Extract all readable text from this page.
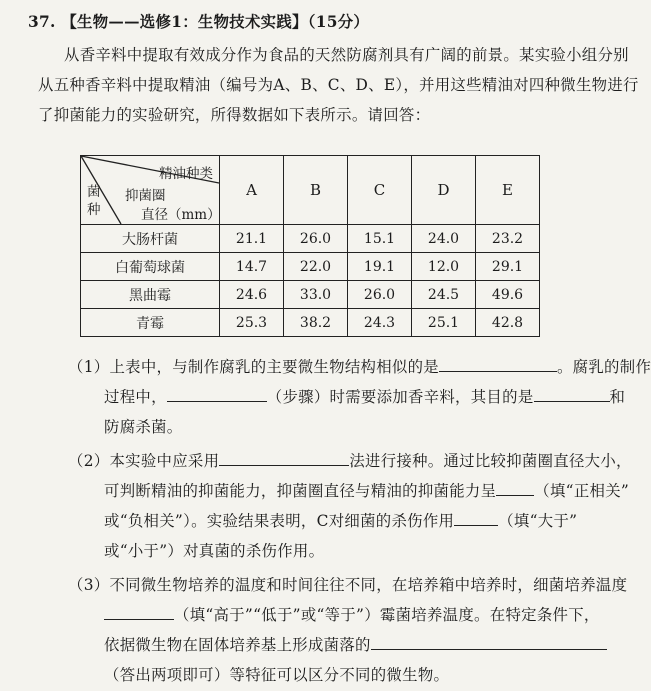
37. 【生物——选修1：生物技术实践】（15分）
从香辛料中提取有效成分作为食品的天然防腐剂具有广阔的前景。某实验小组分别
从五种香辛料中提取精油（编号为A、B、C、D、E），并用这些精油对四种微生物进行
了抑菌能力的实验研究，所得数据如下表所示。请回答：
精油种类
抑菌圈
直径（mm）
菌
种	A	B	C	D	E
大肠杆菌	21.1	26.0	15.1	24.0	23.2
白葡萄球菌	14.7	22.0	19.1	12.0	29.1
黑曲霉	24.6	33.0	26.0	24.5	49.6
青霉	25.3	38.2	24.3	25.1	42.8
（1）上表中，与制作腐乳的主要微生物结构相似的是	。腐乳的制作
过程中，	（步骤）时需要添加香辛料，其目的是	和
防腐杀菌。
（2）本实验中应采用	法进行接种。通过比较抑菌圈直径大小，
可判断精油的抑菌能力，抑菌圈直径与精油的抑菌能力呈 （填“正相关”
或“负相关”）。实验结果表明，C对细菌的杀伤作用	（填“大于”
或“小于”）对真菌的杀伤作用。
（3）不同微生物培养的温度和时间往往不同，在培养箱中培养时，细菌培养温度
（填“高于”“低于”或“等于”）霉菌培养温度。在特定条件下，
依据微生物在固体培养基上形成菌落的
（答出两项即可）等特征可以区分不同的微生物。
